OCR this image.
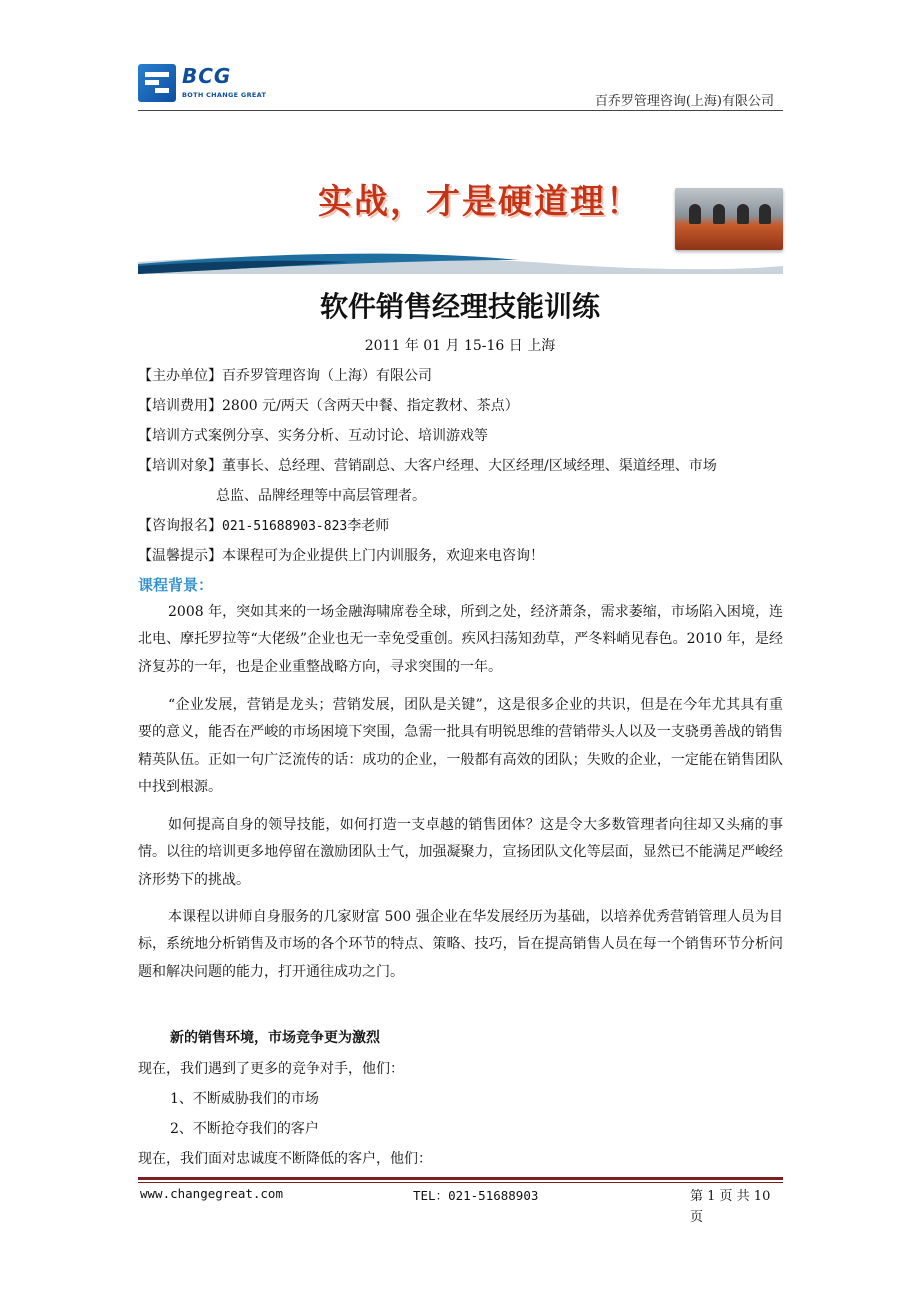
BCG
BOTH CHANGE GREAT	百乔罗管理咨询(上海)有限公司
实战，才是硬道理！
软件销售经理技能训练
2011 年 01 月 15-16 日 上海
【主办单位】百乔罗管理咨询（上海）有限公司
【培训费用】2800 元/两天（含两天中餐、指定教材、茶点）
【培训方式案例分享、实务分析、互动讨论、培训游戏等
【培训对象】董事长、总经理、营销副总、大客户经理、大区经理/区域经理、渠道经理、市场
总监、品牌经理等中高层管理者。
【咨询报名】021-51688903-823李老师
【温馨提示】本课程可为企业提供上门内训服务，欢迎来电咨询！
课程背景：
2008 年，突如其来的一场金融海啸席卷全球，所到之处，经济萧条，需求萎缩，市场陷入困境，连北电、摩托罗拉等“大佬级”企业也无一幸免受重创。疾风扫荡知劲草，严冬料峭见春色。2010 年，是经济复苏的一年，也是企业重整战略方向，寻求突围的一年。
“企业发展，营销是龙头；营销发展，团队是关键”，这是很多企业的共识，但是在今年尤其具有重要的意义，能否在严峻的市场困境下突围，急需一批具有明锐思维的营销带头人以及一支骁勇善战的销售精英队伍。正如一句广泛流传的话：成功的企业，一般都有高效的团队；失败的企业，一定能在销售团队中找到根源。
如何提高自身的领导技能，如何打造一支卓越的销售团体？这是令大多数管理者向往却又头痛的事情。以往的培训更多地停留在激励团队士气，加强凝聚力，宣扬团队文化等层面，显然已不能满足严峻经济形势下的挑战。
本课程以讲师自身服务的几家财富 500 强企业在华发展经历为基础，以培养优秀营销管理人员为目标，系统地分析销售及市场的各个环节的特点、策略、技巧，旨在提高销售人员在每一个销售环节分析问题和解决问题的能力，打开通往成功之门。
新的销售环境，市场竞争更为激烈
现在，我们遇到了更多的竞争对手，他们：
1、不断威胁我们的市场
2、不断抢夺我们的客户
现在，我们面对忠诚度不断降低的客户，他们：
www.changegreat.com	TEL：021-51688903	第 1 页 共 10 页
